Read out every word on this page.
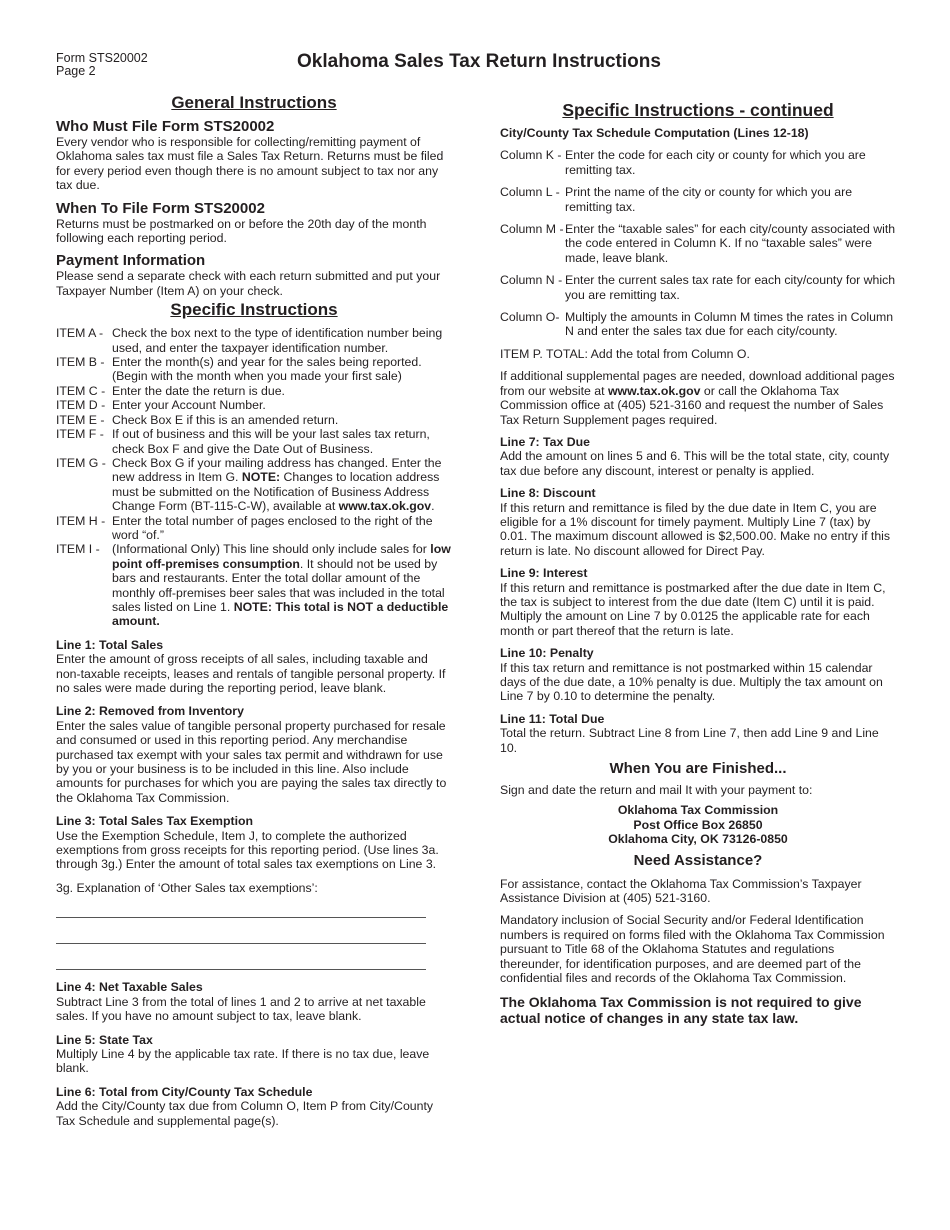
Form STS20002
Page 2	Oklahoma Sales Tax Return Instructions
General Instructions
Who Must File Form STS20002

Every vendor who is responsible for collecting/remitting payment of Oklahoma sales tax must file a Sales Tax Return. Returns must be filed for every period even though there is no amount subject to tax nor any tax due.

When To File Form STS20002

Returns must be postmarked on or before the 20th day of the month following each reporting period.

Payment Information

Please send a separate check with each return submitted and put your Taxpayer Number (Item A) on your check.

Specific Instructions
ITEM A - Check the box next to the type of identification number being used, and enter the taxpayer identification number.
ITEM B - Enter the month(s) and year for the sales being reported. (Begin with the month when you made your first sale)
ITEM C - Enter the date the return is due.
ITEM D - Enter your Account Number.
ITEM E - Check Box E if this is an amended return.
ITEM F - If out of business and this will be your last sales tax return, check Box F and give the Date Out of Business.
ITEM G - Check Box G if your mailing address has changed. Enter the new address in Item G. NOTE: Changes to location address must be submitted on the Notification of Business Address Change Form (BT-115-C-W), available at www.tax.ok.gov.
ITEM H - Enter the total number of pages enclosed to the right of the word “of.”
ITEM I - (Informational Only) This line should only include sales for low point off-premises consumption. It should not be used by bars and restaurants. Enter the total dollar amount of the monthly off-premises beer sales that was included in the total sales listed on Line 1. NOTE: This total is NOT a deductible amount.
Line 1: Total Sales

Enter the amount of gross receipts of all sales, including taxable and non-taxable receipts, leases and rentals of tangible personal property. If no sales were made during the reporting period, leave blank.

Line 2: Removed from Inventory

Enter the sales value of tangible personal property purchased for resale and consumed or used in this reporting period. Any merchandise purchased tax exempt with your sales tax permit and withdrawn for use by you or your business is to be included in this line. Also include amounts for purchases for which you are paying the sales tax directly to the Oklahoma Tax Commission.

Line 3: Total Sales Tax Exemption

Use the Exemption Schedule, Item J, to complete the authorized exemptions from gross receipts for this reporting period. (Use lines 3a. through 3g.) Enter the amount of total sales tax exemptions on Line 3.

3g. Explanation of ‘Other Sales tax exemptions’:

Line 4: Net Taxable Sales

Subtract Line 3 from the total of lines 1 and 2 to arrive at net taxable sales. If you have no amount subject to tax, leave blank.

Line 5: State Tax

Multiply Line 4 by the applicable tax rate. If there is no tax due, leave blank.

Line 6: Total from City/County Tax Schedule

Add the City/County tax due from Column O, Item P from City/County Tax Schedule and supplemental page(s).

Specific Instructions - continued
City/County Tax Schedule Computation (Lines 12-18)
Column K - Enter the code for each city or county for which you are remitting tax.
Column L - Print the name of the city or county for which you are remitting tax.
Column M - Enter the “taxable sales” for each city/county associated with the code entered in Column K. If no “taxable sales” were made, leave blank.
Column N - Enter the current sales tax rate for each city/county for which you are remitting tax.
Column O- Multiply the amounts in Column M times the rates in Column N and enter the sales tax due for each city/county.

ITEM P. TOTAL: Add the total from Column O.

If additional supplemental pages are needed, download additional pages from our website at www.tax.ok.gov or call the Oklahoma Tax Commission office at (405) 521-3160 and request the number of Sales Tax Return Supplement pages required.

Line 7: Tax Due

Add the amount on lines 5 and 6. This will be the total state, city, county tax due before any discount, interest or penalty is applied.

Line 8: Discount

If this return and remittance is filed by the due date in Item C, you are eligible for a 1% discount for timely payment. Multiply Line 7 (tax) by 0.01. The maximum discount allowed is $2,500.00. Make no entry if this return is late. No discount allowed for Direct Pay.

Line 9: Interest

If this return and remittance is postmarked after the due date in Item C, the tax is subject to interest from the due date (Item C) until it is paid. Multiply the amount on Line 7 by 0.0125 the applicable rate for each month or part thereof that the return is late.

Line 10: Penalty

If this tax return and remittance is not postmarked within 15 calendar days of the due date, a 10% penalty is due. Multiply the tax amount on Line 7 by 0.10 to determine the penalty.

Line 11: Total Due

Total the return. Subtract Line 8 from Line 7, then add Line 9 and Line 10.

When You are Finished...

Sign and date the return and mail It with your payment to:

Oklahoma Tax Commission
Post Office Box 26850
Oklahoma City, OK 73126-0850
Need Assistance?

For assistance, contact the Oklahoma Tax Commission’s Taxpayer Assistance Division at (405) 521-3160.

Mandatory inclusion of Social Security and/or Federal Identification numbers is required on forms filed with the Oklahoma Tax Commission pursuant to Title 68 of the Oklahoma Statutes and regulations thereunder, for identification purposes, and are deemed part of the confidential files and records of the Oklahoma Tax Commission.

The Oklahoma Tax Commission is not required to give actual notice of changes in any state tax law.
